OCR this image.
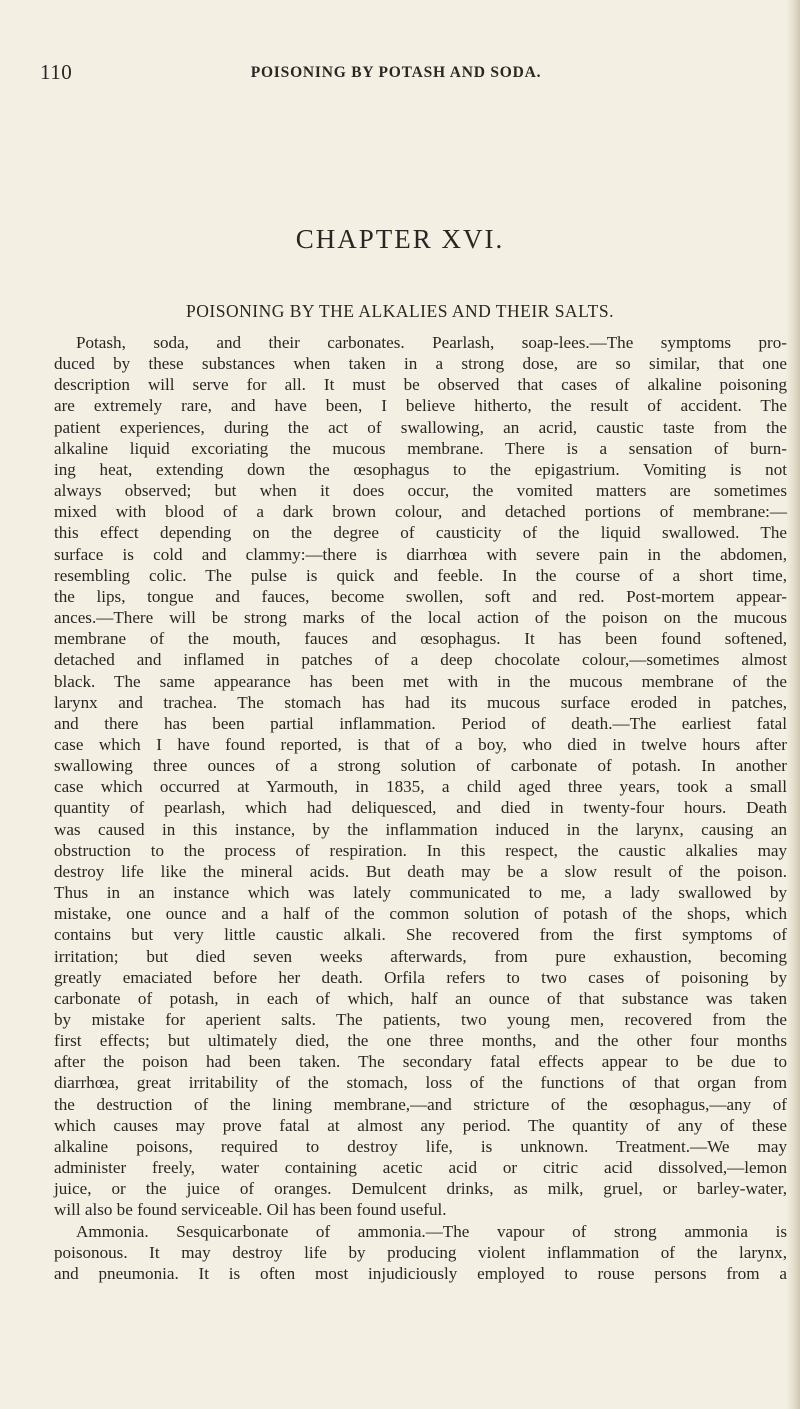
110	POISONING BY POTASH AND SODA.
CHAPTER XVI.
POISONING BY THE ALKALIES AND THEIR SALTS.
Potash, soda, and their carbonates. Pearlash, soap-lees.—The symptoms pro-
duced by these substances when taken in a strong dose, are so similar, that one
description will serve for all. It must be observed that cases of alkaline poisoning
are extremely rare, and have been, I believe hitherto, the result of accident. The
patient experiences, during the act of swallowing, an acrid, caustic taste from the
alkaline liquid excoriating the mucous membrane. There is a sensation of burn-
ing heat, extending down the œsophagus to the epigastrium. Vomiting is not
always observed; but when it does occur, the vomited matters are sometimes
mixed with blood of a dark brown colour, and detached portions of membrane:—
this effect depending on the degree of causticity of the liquid swallowed. The
surface is cold and clammy:—there is diarrhœa with severe pain in the abdomen,
resembling colic. The pulse is quick and feeble. In the course of a short time,
the lips, tongue and fauces, become swollen, soft and red. Post-mortem appear-
ances.—There will be strong marks of the local action of the poison on the mucous
membrane of the mouth, fauces and œsophagus. It has been found softened,
detached and inflamed in patches of a deep chocolate colour,—sometimes almost
black. The same appearance has been met with in the mucous membrane of the
larynx and trachea. The stomach has had its mucous surface eroded in patches,
and there has been partial inflammation. Period of death.—The earliest fatal
case which I have found reported, is that of a boy, who died in twelve hours after
swallowing three ounces of a strong solution of carbonate of potash. In another
case which occurred at Yarmouth, in 1835, a child aged three years, took a small
quantity of pearlash, which had deliquesced, and died in twenty-four hours. Death
was caused in this instance, by the inflammation induced in the larynx, causing an
obstruction to the process of respiration. In this respect, the caustic alkalies may
destroy life like the mineral acids. But death may be a slow result of the poison.
Thus in an instance which was lately communicated to me, a lady swallowed by
mistake, one ounce and a half of the common solution of potash of the shops, which
contains but very little caustic alkali. She recovered from the first symptoms of
irritation; but died seven weeks afterwards, from pure exhaustion, becoming
greatly emaciated before her death. Orfila refers to two cases of poisoning by
carbonate of potash, in each of which, half an ounce of that substance was taken
by mistake for aperient salts. The patients, two young men, recovered from the
first effects; but ultimately died, the one three months, and the other four months
after the poison had been taken. The secondary fatal effects appear to be due to
diarrhœa, great irritability of the stomach, loss of the functions of that organ from
the destruction of the lining membrane,—and stricture of the œsophagus,—any of
which causes may prove fatal at almost any period. The quantity of any of these
alkaline poisons, required to destroy life, is unknown. Treatment.—We may
administer freely, water containing acetic acid or citric acid dissolved,—lemon
juice, or the juice of oranges. Demulcent drinks, as milk, gruel, or barley-water,
will also be found serviceable. Oil has been found useful.
Ammonia. Sesquicarbonate of ammonia.—The vapour of strong ammonia is
poisonous. It may destroy life by producing violent inflammation of the larynx,
and pneumonia. It is often most injudiciously employed to rouse persons from a
